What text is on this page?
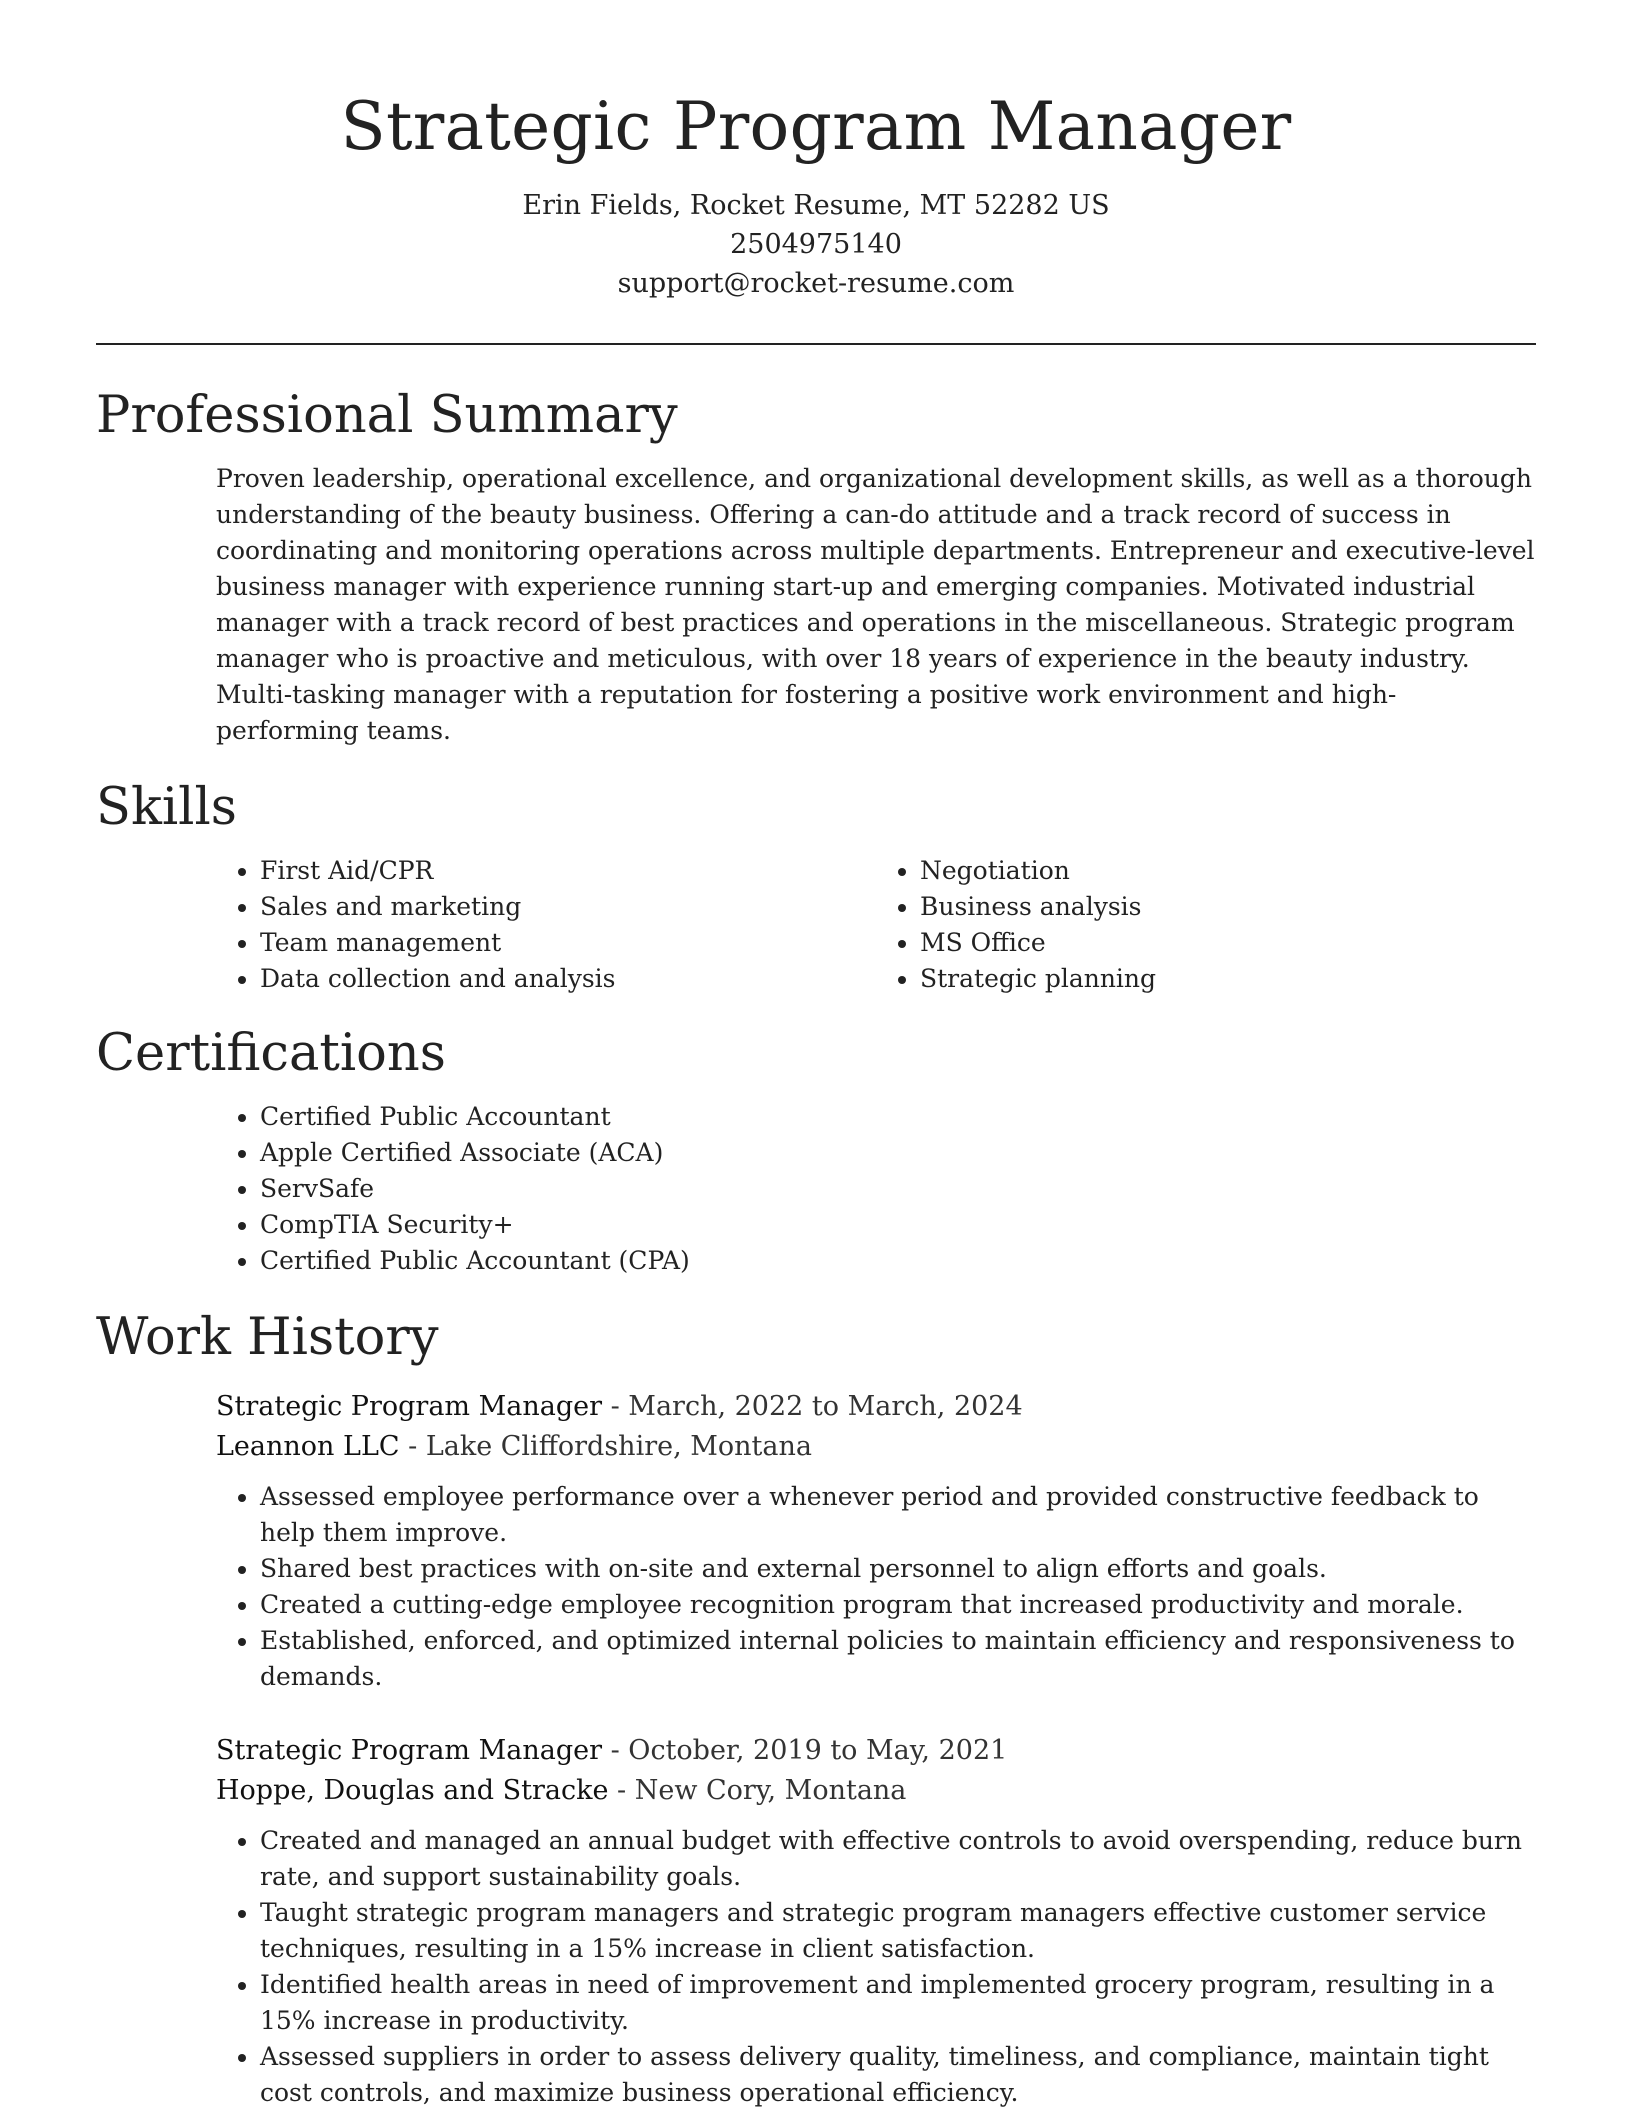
Strategic Program Manager

Erin Fields, Rocket Resume, MT 52282 US

2504975140

support@rocket-resume.com

Professional Summary

Proven leadership, operational excellence, and organizational development skills, as well as a thorough understanding of the beauty business. Offering a can-do attitude and a track record of success in coordinating and monitoring operations across multiple departments. Entrepreneur and executive-level business manager with experience running start-up and emerging companies. Motivated industrial manager with a track record of best practices and operations in the miscellaneous. Strategic program manager who is proactive and meticulous, with over 18 years of experience in the beauty industry. Multi-tasking manager with a reputation for fostering a positive work environment and high-performing teams.

Skills
• First Aid/CPR
• Sales and marketing
• Team management
• Data collection and analysis
• Negotiation
• Business analysis
• MS Office
• Strategic planning
Certifications
• Certified Public Accountant
• Apple Certified Associate (ACA)
• ServSafe
• CompTIA Security+
• Certified Public Accountant (CPA)
Work History

Strategic Program Manager - March, 2022 to March, 2024

Leannon LLC - Lake Cliffordshire, Montana

• Assessed employee performance over a whenever period and provided constructive feedback to help them improve.
• Shared best practices with on-site and external personnel to align efforts and goals.
• Created a cutting-edge employee recognition program that increased productivity and morale.
• Established, enforced, and optimized internal policies to maintain efficiency and responsiveness to demands.

Strategic Program Manager - October, 2019 to May, 2021

Hoppe, Douglas and Stracke - New Cory, Montana

• Created and managed an annual budget with effective controls to avoid overspending, reduce burn rate, and support sustainability goals.
• Taught strategic program managers and strategic program managers effective customer service techniques, resulting in a 15% increase in client satisfaction.
• Identified health areas in need of improvement and implemented grocery program, resulting in a 15% increase in productivity.
• Assessed suppliers in order to assess delivery quality, timeliness, and compliance, maintain tight cost controls, and maximize business operational efficiency.
